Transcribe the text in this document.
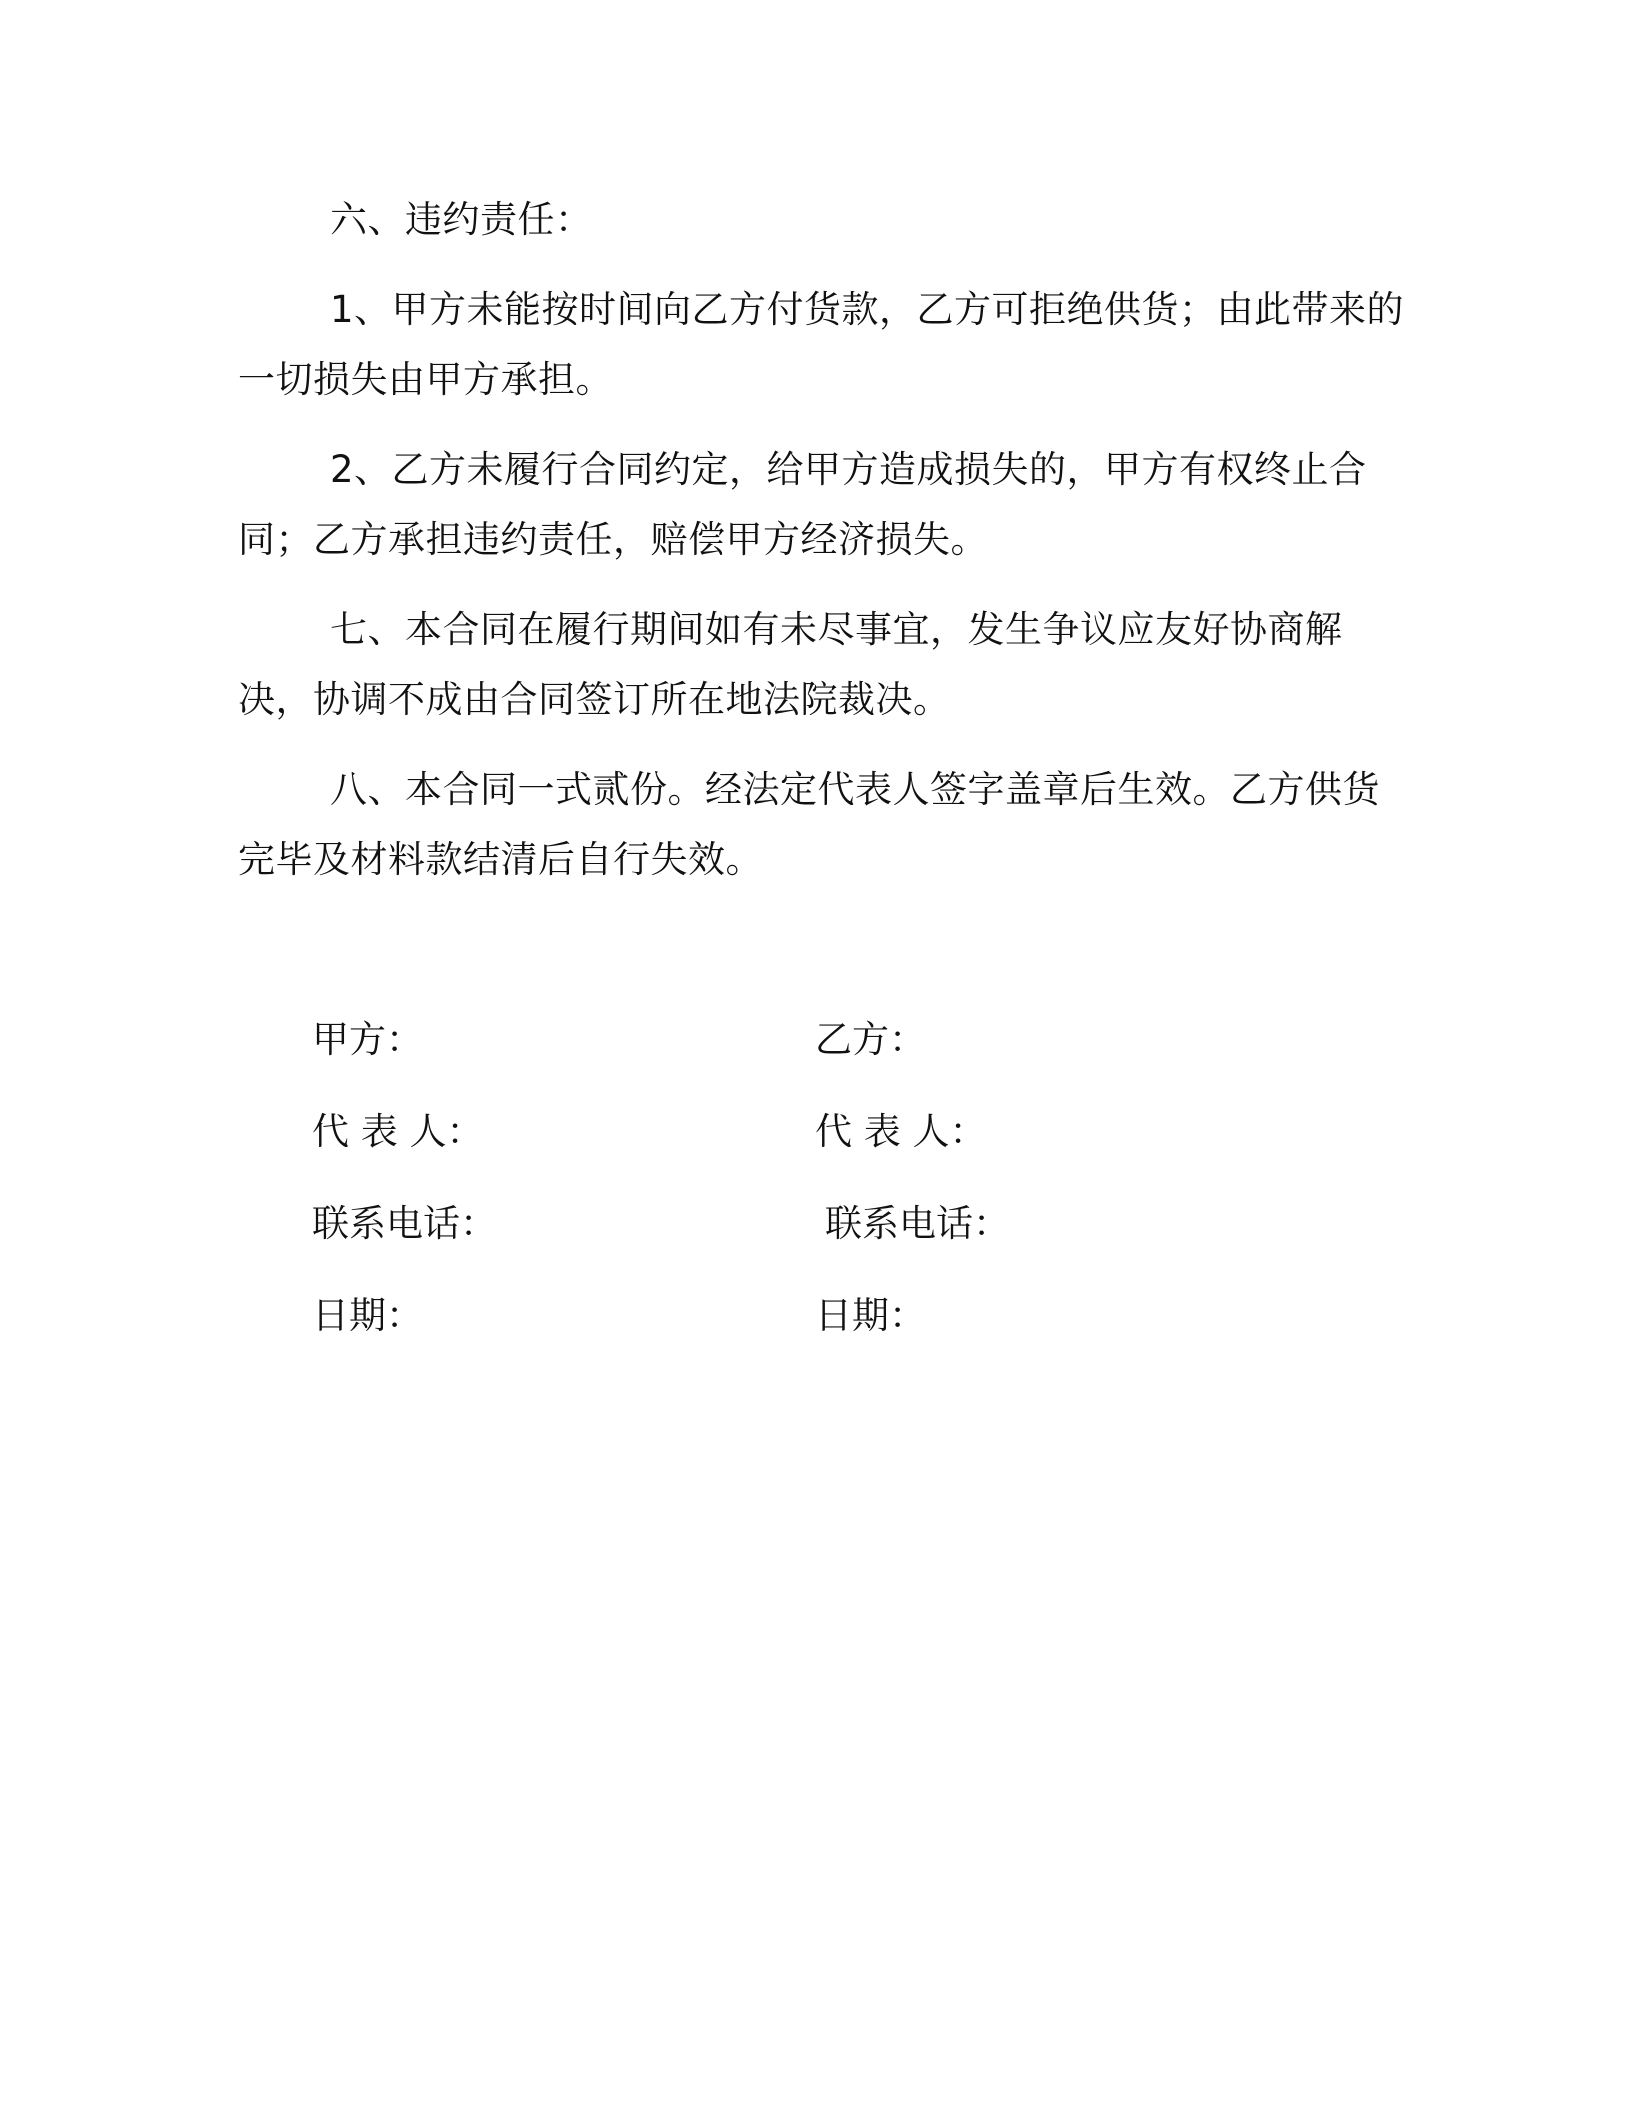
六、违约责任：

1、甲方未能按时间向乙方付货款，乙方可拒绝供货；由此带来的一切损失由甲方承担。

2、乙方未履行合同约定，给甲方造成损失的，甲方有权终止合同；乙方承担违约责任，赔偿甲方经济损失。

七、本合同在履行期间如有未尽事宜，发生争议应友好协商解决，协调不成由合同签订所在地法院裁决。

八、本合同一式贰份。经法定代表人签字盖章后生效。乙方供货完毕及材料款结清后自行失效。

甲方：

代 表 人：

联系电话：

日期：

乙方：

代 表 人：

联系电话：

日期：
